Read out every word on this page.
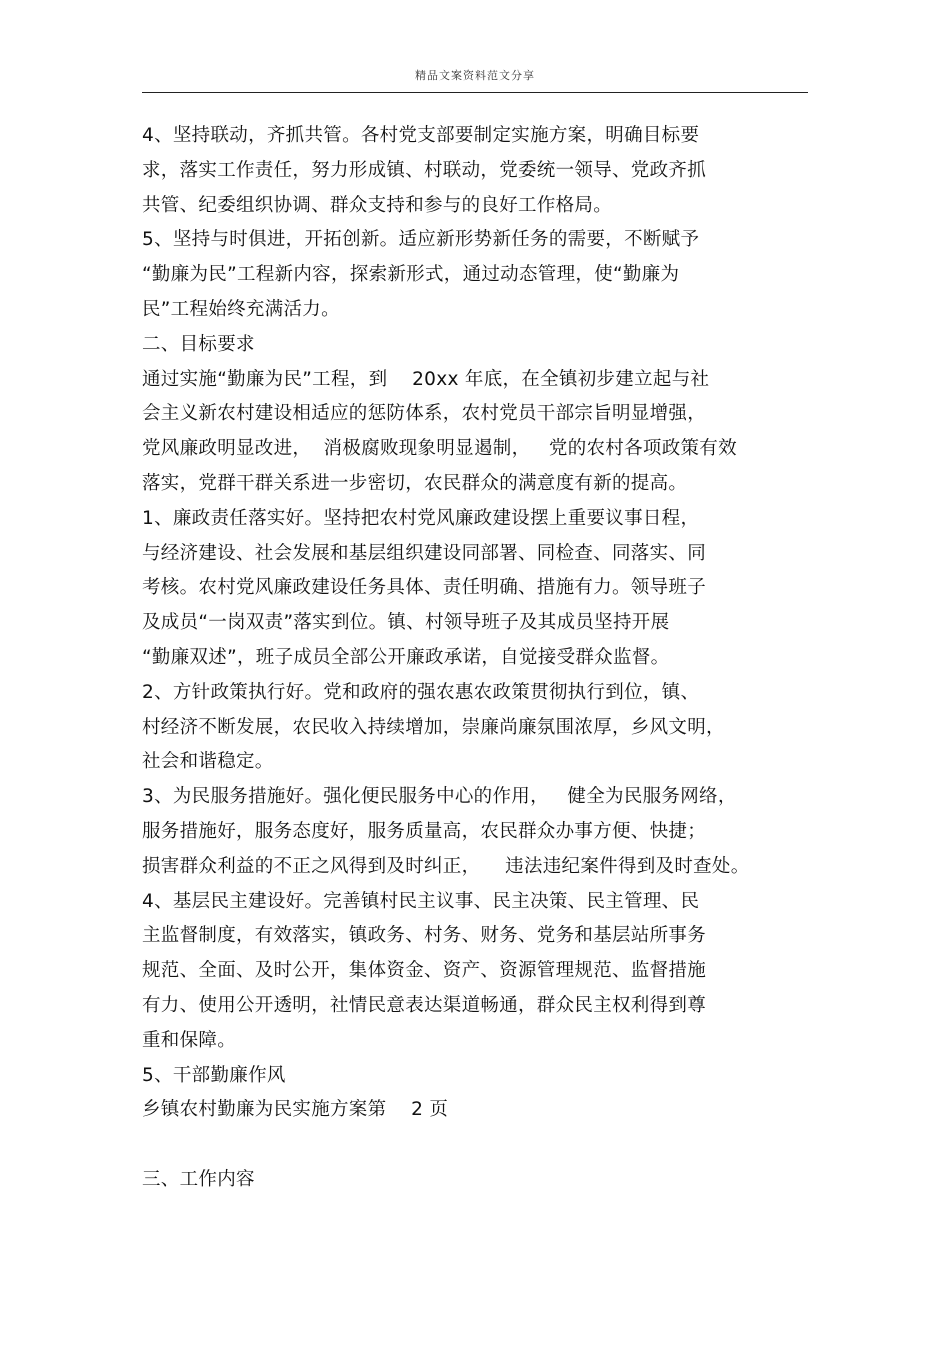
精品文案资料范文分享
4、坚持联动，齐抓共管。各村党支部要制定实施方案，明确目标要
求，落实工作责任，努力形成镇、村联动，党委统一领导、党政齐抓
共管、纪委组织协调、群众支持和参与的良好工作格局。
5、坚持与时俱进，开拓创新。适应新形势新任务的需要，不断赋予
“勤廉为民”工程新内容，探索新形式，通过动态管理，使“勤廉为
民”工程始终充满活力。
二、目标要求
通过实施“勤廉为民”工程，到    20xx 年底，在全镇初步建立起与社
会主义新农村建设相适应的惩防体系，农村党员干部宗旨明显增强，
党风廉政明显改进，  消极腐败现象明显遏制，   党的农村各项政策有效
落实，党群干群关系进一步密切，农民群众的满意度有新的提高。
1、廉政责任落实好。坚持把农村党风廉政建设摆上重要议事日程，
与经济建设、社会发展和基层组织建设同部署、同检查、同落实、同
考核。农村党风廉政建设任务具体、责任明确、措施有力。领导班子
及成员“一岗双责”落实到位。镇、村领导班子及其成员坚持开展
“勤廉双述”，班子成员全部公开廉政承诺，自觉接受群众监督。
2、方针政策执行好。党和政府的强农惠农政策贯彻执行到位，镇、
村经济不断发展，农民收入持续增加，崇廉尚廉氛围浓厚，乡风文明，
社会和谐稳定。
3、为民服务措施好。强化便民服务中心的作用，   健全为民服务网络，
服务措施好，服务态度好，服务质量高，农民群众办事方便、快捷；
损害群众利益的不正之风得到及时纠正，    违法违纪案件得到及时查处。
4、基层民主建设好。完善镇村民主议事、民主决策、民主管理、民
主监督制度，有效落实，镇政务、村务、财务、党务和基层站所事务
规范、全面、及时公开，集体资金、资产、资源管理规范、监督措施
有力、使用公开透明，社情民意表达渠道畅通，群众民主权利得到尊
重和保障。
5、干部勤廉作风
乡镇农村勤廉为民实施方案第    2 页
三、工作内容
